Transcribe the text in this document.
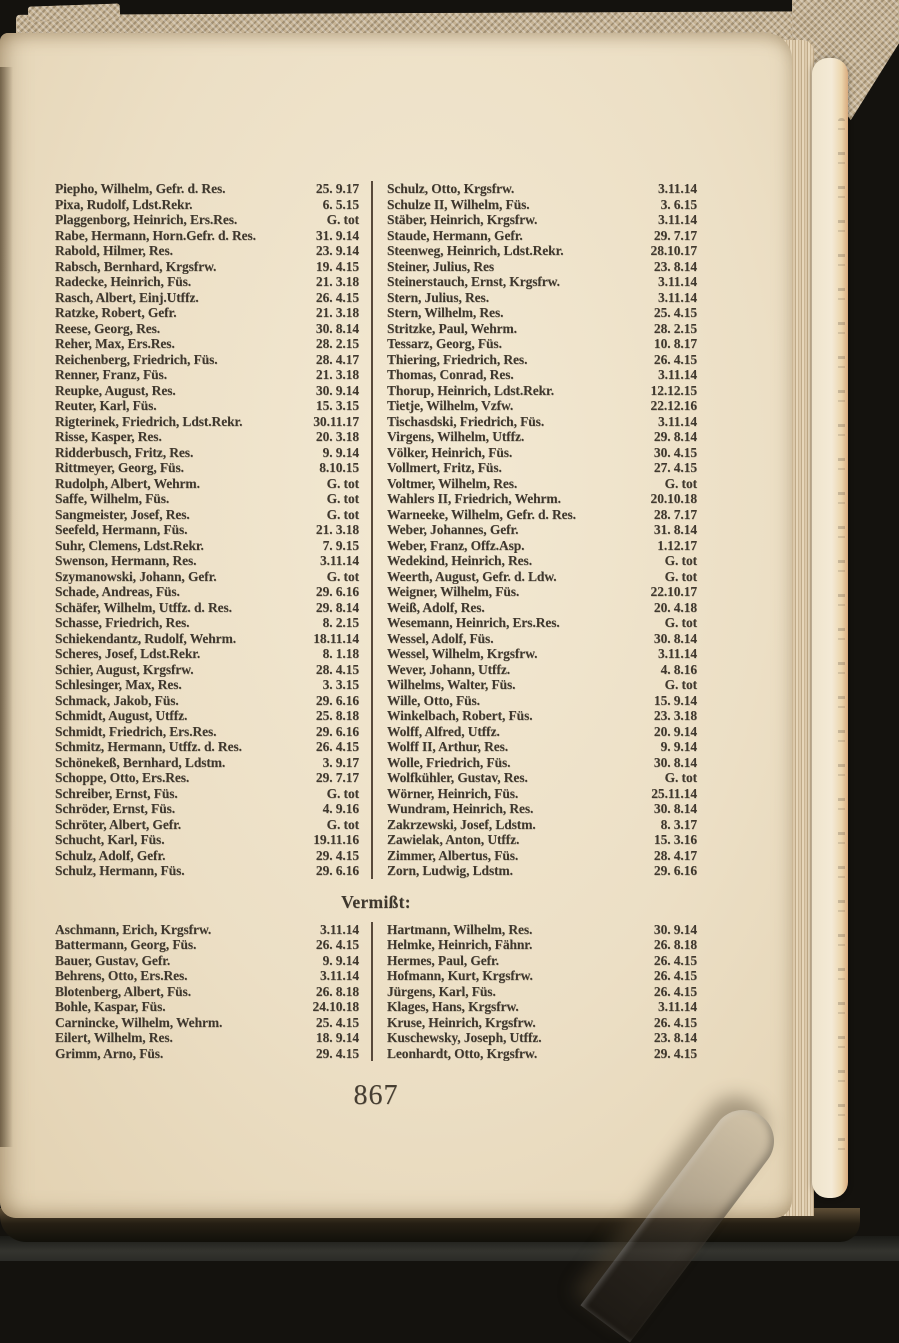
Piepho, Wilhelm, Gefr. d. Res.	25. 9.17
Pixa, Rudolf, Ldst.Rekr.	6. 5.15
Plaggenborg, Heinrich, Ers.Res.	G. tot
Rabe, Hermann, Horn.Gefr. d. Res.	31. 9.14
Rabold, Hilmer, Res.	23. 9.14
Rabsch, Bernhard, Krgsfrw.	19. 4.15
Radecke, Heinrich, Füs.	21. 3.18
Rasch, Albert, Einj.Utffz.	26. 4.15
Ratzke, Robert, Gefr.	21. 3.18
Reese, Georg, Res.	30. 8.14
Reher, Max, Ers.Res.	28. 2.15
Reichenberg, Friedrich, Füs.	28. 4.17
Renner, Franz, Füs.	21. 3.18
Reupke, August, Res.	30. 9.14
Reuter, Karl, Füs.	15. 3.15
Rigterinek, Friedrich, Ldst.Rekr.	30.11.17
Risse, Kasper, Res.	20. 3.18
Ridderbusch, Fritz, Res.	9. 9.14
Rittmeyer, Georg, Füs.	8.10.15
Rudolph, Albert, Wehrm.	G. tot
Saffe, Wilhelm, Füs.	G. tot
Sangmeister, Josef, Res.	G. tot
Seefeld, Hermann, Füs.	21. 3.18
Suhr, Clemens, Ldst.Rekr.	7. 9.15
Swenson, Hermann, Res.	3.11.14
Szymanowski, Johann, Gefr.	G. tot
Schade, Andreas, Füs.	29. 6.16
Schäfer, Wilhelm, Utffz. d. Res.	29. 8.14
Schasse, Friedrich, Res.	8. 2.15
Schiekendantz, Rudolf, Wehrm.	18.11.14
Scheres, Josef, Ldst.Rekr.	8. 1.18
Schier, August, Krgsfrw.	28. 4.15
Schlesinger, Max, Res.	3. 3.15
Schmack, Jakob, Füs.	29. 6.16
Schmidt, August, Utffz.	25. 8.18
Schmidt, Friedrich, Ers.Res.	29. 6.16
Schmitz, Hermann, Utffz. d. Res.	26. 4.15
Schönekeß, Bernhard, Ldstm.	3. 9.17
Schoppe, Otto, Ers.Res.	29. 7.17
Schreiber, Ernst, Füs.	G. tot
Schröder, Ernst, Füs.	4. 9.16
Schröter, Albert, Gefr.	G. tot
Schucht, Karl, Füs.	19.11.16
Schulz, Adolf, Gefr.	29. 4.15
Schulz, Hermann, Füs.	29. 6.16
Schulz, Otto, Krgsfrw.	3.11.14
Schulze II, Wilhelm, Füs.	3. 6.15
Stäber, Heinrich, Krgsfrw.	3.11.14
Staude, Hermann, Gefr.	29. 7.17
Steenweg, Heinrich, Ldst.Rekr.	28.10.17
Steiner, Julius, Res	23. 8.14
Steinerstauch, Ernst, Krgsfrw.	3.11.14
Stern, Julius, Res.	3.11.14
Stern, Wilhelm, Res.	25. 4.15
Stritzke, Paul, Wehrm.	28. 2.15
Tessarz, Georg, Füs.	10. 8.17
Thiering, Friedrich, Res.	26. 4.15
Thomas, Conrad, Res.	3.11.14
Thorup, Heinrich, Ldst.Rekr.	12.12.15
Tietje, Wilhelm, Vzfw.	22.12.16
Tischasdski, Friedrich, Füs.	3.11.14
Virgens, Wilhelm, Utffz.	29. 8.14
Völker, Heinrich, Füs.	30. 4.15
Vollmert, Fritz, Füs.	27. 4.15
Voltmer, Wilhelm, Res.	G. tot
Wahlers II, Friedrich, Wehrm.	20.10.18
Warneeke, Wilhelm, Gefr. d. Res.	28. 7.17
Weber, Johannes, Gefr.	31. 8.14
Weber, Franz, Offz.Asp.	1.12.17
Wedekind, Heinrich, Res.	G. tot
Weerth, August, Gefr. d. Ldw.	G. tot
Weigner, Wilhelm, Füs.	22.10.17
Weiß, Adolf, Res.	20. 4.18
Wesemann, Heinrich, Ers.Res.	G. tot
Wessel, Adolf, Füs.	30. 8.14
Wessel, Wilhelm, Krgsfrw.	3.11.14
Wever, Johann, Utffz.	4. 8.16
Wilhelms, Walter, Füs.	G. tot
Wille, Otto, Füs.	15. 9.14
Winkelbach, Robert, Füs.	23. 3.18
Wolff, Alfred, Utffz.	20. 9.14
Wolff II, Arthur, Res.	9. 9.14
Wolle, Friedrich, Füs.	30. 8.14
Wolfkühler, Gustav, Res.	G. tot
Wörner, Heinrich, Füs.	25.11.14
Wundram, Heinrich, Res.	30. 8.14
Zakrzewski, Josef, Ldstm.	8. 3.17
Zawielak, Anton, Utffz.	15. 3.16
Zimmer, Albertus, Füs.	28. 4.17
Zorn, Ludwig, Ldstm.	29. 6.16
Vermißt:
Aschmann, Erich, Krgsfrw.	3.11.14
Battermann, Georg, Füs.	26. 4.15
Bauer, Gustav, Gefr.	9. 9.14
Behrens, Otto, Ers.Res.	3.11.14
Blotenberg, Albert, Füs.	26. 8.18
Bohle, Kaspar, Füs.	24.10.18
Carnincke, Wilhelm, Wehrm.	25. 4.15
Eilert, Wilhelm, Res.	18. 9.14
Grimm, Arno, Füs.	29. 4.15
Hartmann, Wilhelm, Res.	30. 9.14
Helmke, Heinrich, Fähnr.	26. 8.18
Hermes, Paul, Gefr.	26. 4.15
Hofmann, Kurt, Krgsfrw.	26. 4.15
Jürgens, Karl, Füs.	26. 4.15
Klages, Hans, Krgsfrw.	3.11.14
Kruse, Heinrich, Krgsfrw.	26. 4.15
Kuschewsky, Joseph, Utffz.	23. 8.14
Leonhardt, Otto, Krgsfrw.	29. 4.15
867
